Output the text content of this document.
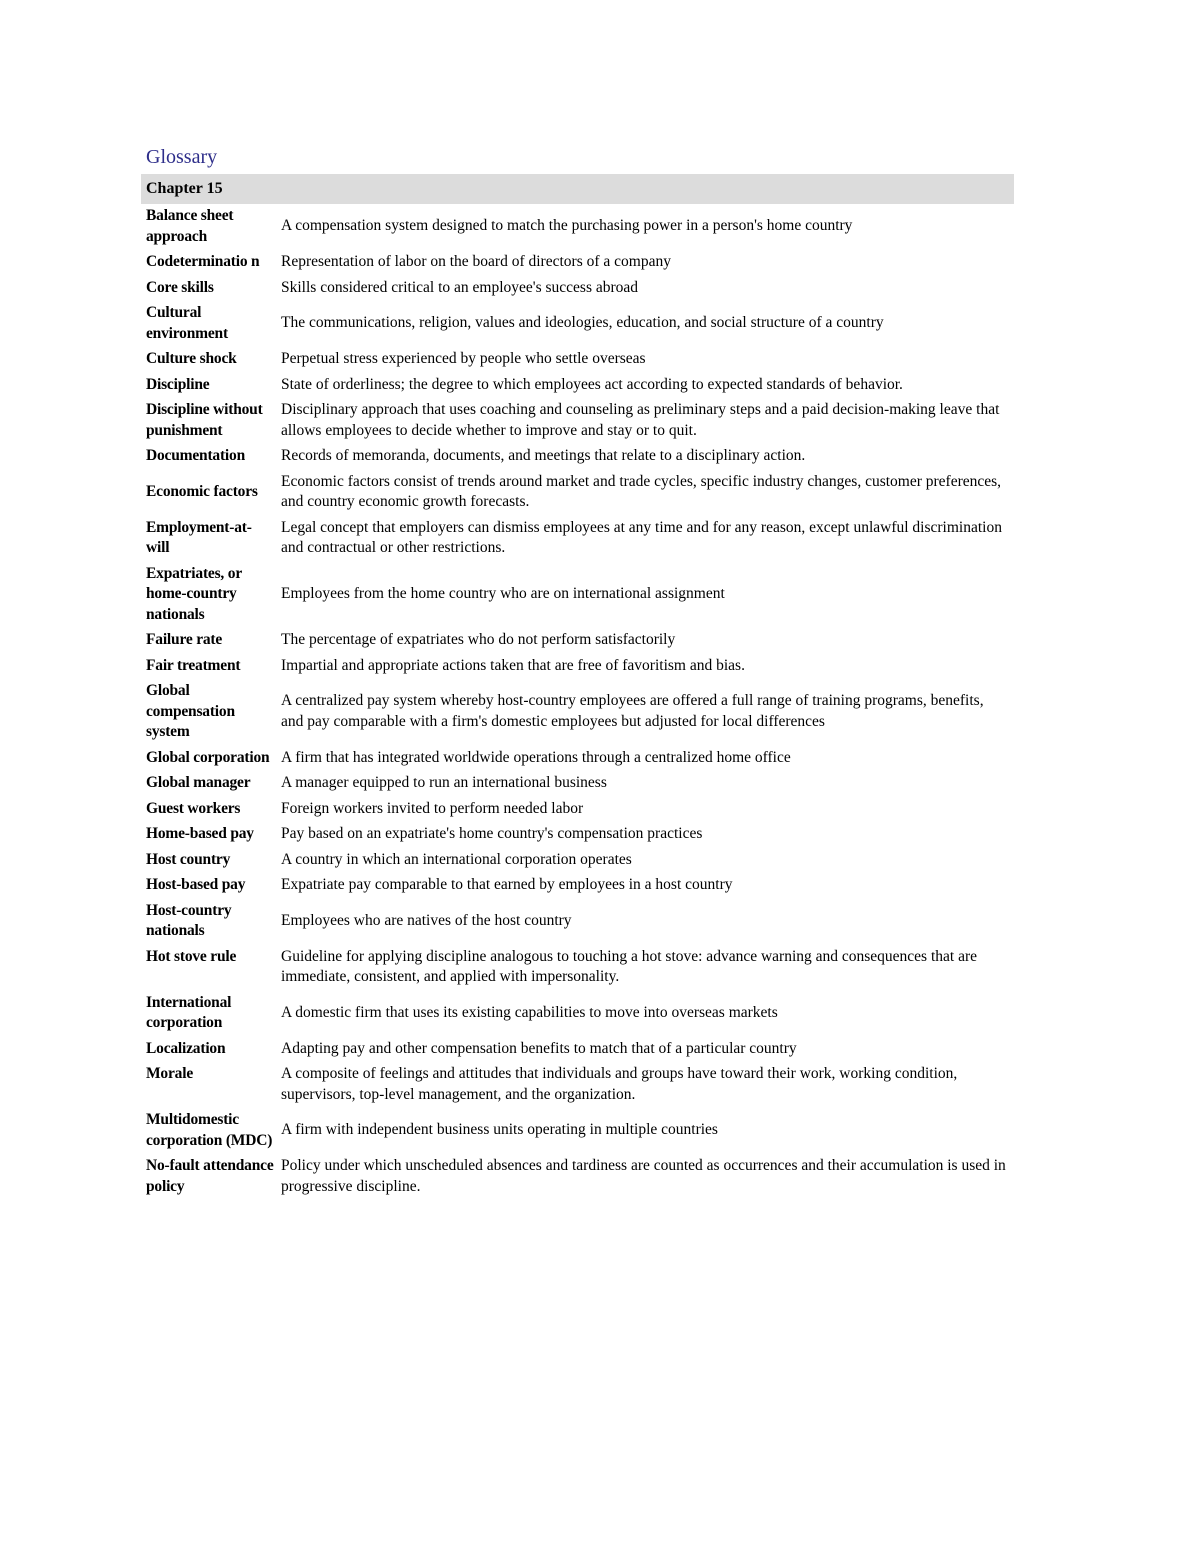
Glossary
Chapter 15
Balance sheet approach	A compensation system designed to match the purchasing power in a person's home country
Codeterminatio n	Representation of labor on the board of directors of a company
Core skills	Skills considered critical to an employee's success abroad
Cultural environment	The communications, religion, values and ideologies, education, and social structure of a country
Culture shock	Perpetual stress experienced by people who settle overseas
Discipline	State of orderliness; the degree to which employees act according to expected standards of behavior.
Discipline without punishment	Disciplinary approach that uses coaching and counseling as preliminary steps and a paid decision-making leave that allows employees to decide whether to improve and stay or to quit.
Documentation	Records of memoranda, documents, and meetings that relate to a disciplinary action.
Economic factors	Economic factors consist of trends around market and trade cycles, specific industry changes, customer preferences, and country economic growth forecasts.
Employment-at-will	Legal concept that employers can dismiss employees at any time and for any reason, except unlawful discrimination and contractual or other restrictions.
Expatriates, or home-country nationals	Employees from the home country who are on international assignment
Failure rate	The percentage of expatriates who do not perform satisfactorily
Fair treatment	Impartial and appropriate actions taken that are free of favoritism and bias.
Global compensation system	A centralized pay system whereby host-country employees are offered a full range of training programs, benefits, and pay comparable with a firm's domestic employees but adjusted for local differences
Global corporation	A firm that has integrated worldwide operations through a centralized home office
Global manager	A manager equipped to run an international business
Guest workers	Foreign workers invited to perform needed labor
Home-based pay	Pay based on an expatriate's home country's compensation practices
Host country	A country in which an international corporation operates
Host-based pay	Expatriate pay comparable to that earned by employees in a host country
Host-country nationals	Employees who are natives of the host country
Hot stove rule	Guideline for applying discipline analogous to touching a hot stove: advance warning and consequences that are immediate, consistent, and applied with impersonality.
International corporation	A domestic firm that uses its existing capabilities to move into overseas markets
Localization	Adapting pay and other compensation benefits to match that of a particular country
Morale	A composite of feelings and attitudes that individuals and groups have toward their work, working condition, supervisors, top-level management, and the organization.
Multidomestic corporation (MDC)	A firm with independent business units operating in multiple countries
No-fault attendance policy	Policy under which unscheduled absences and tardiness are counted as occurrences and their accumulation is used in progressive discipline.
